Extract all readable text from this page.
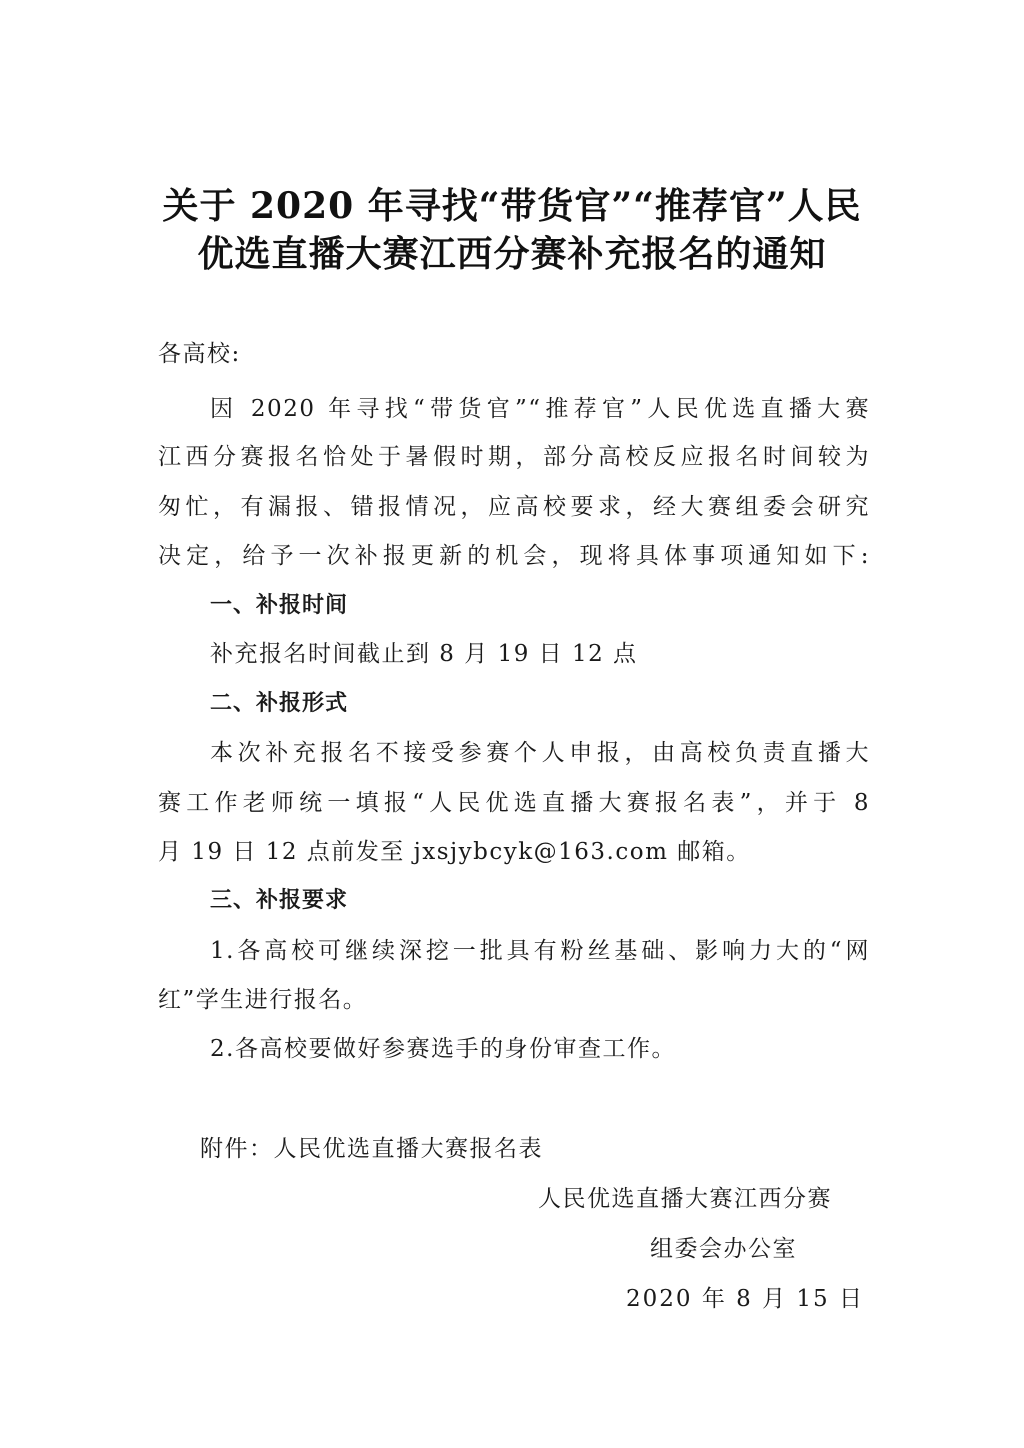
关于 2020 年寻找“带货官”“推荐官”人民
优选直播大赛江西分赛补充报名的通知
各高校:
因 2020 年寻找“带货官”“推荐官”人民优选直播大赛
江西分赛报名恰处于暑假时期，部分高校反应报名时间较为
匆忙，有漏报、错报情况，应高校要求，经大赛组委会研究
决定，给予一次补报更新的机会，现将具体事项通知如下:
一、补报时间
补充报名时间截止到 8 月 19 日 12 点
二、补报形式
本次补充报名不接受参赛个人申报，由高校负责直播大
赛工作老师统一填报“人民优选直播大赛报名表”，并于 8
月 19 日 12 点前发至 jxsjybcyk@163.com 邮箱。
三、补报要求
1.各高校可继续深挖一批具有粉丝基础、影响力大的“网
红”学生进行报名。
2.各高校要做好参赛选手的身份审查工作。
附件：人民优选直播大赛报名表
人民优选直播大赛江西分赛
组委会办公室
2020 年 8 月 15 日
